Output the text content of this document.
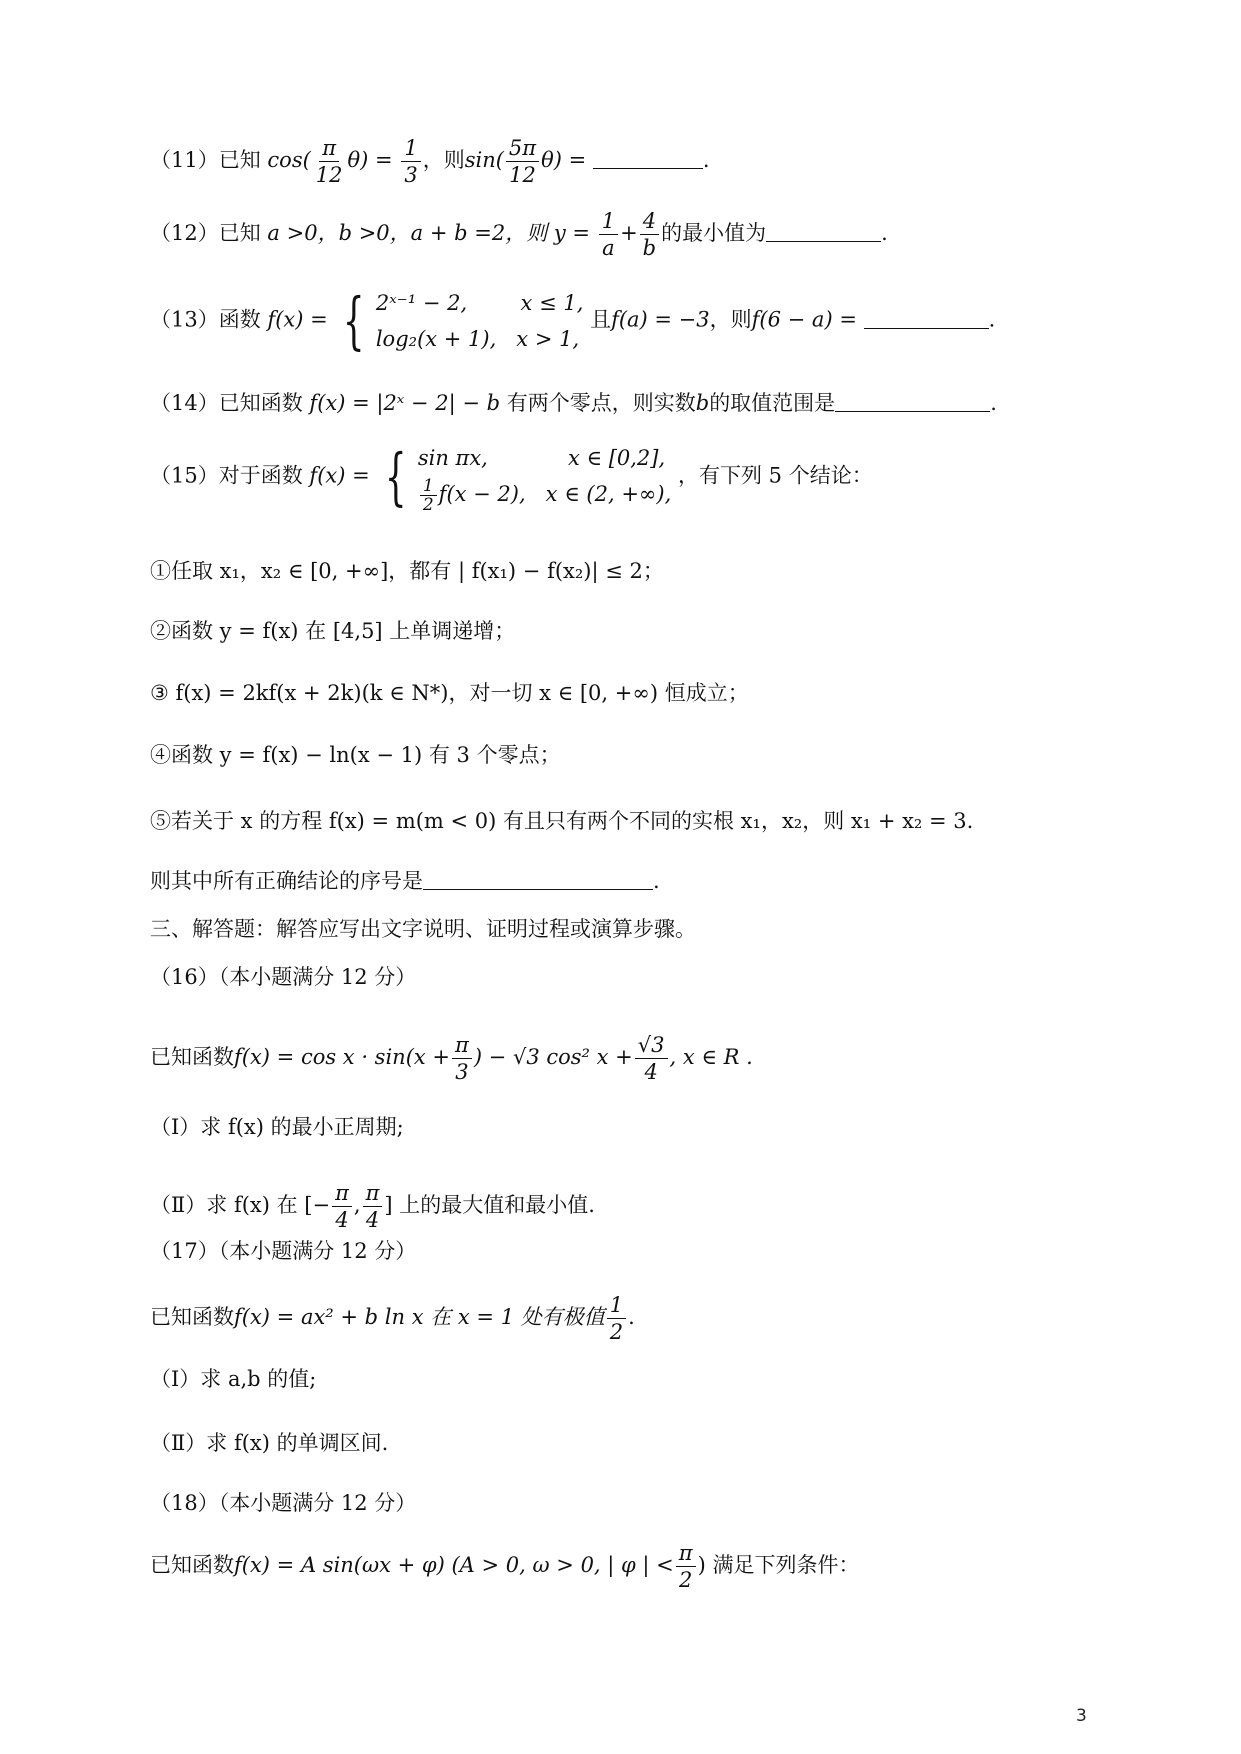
（11）已知 $\cos( \frac{\pi}{12} \theta) = \frac{1}{3}$ ，则$\sin( \frac{5\pi}{12} \theta)$ =	.
（12）已知 a >0，b >0，a + b =2，则 $y = \frac{1}{a} + \frac{4}{b}$ 的最小值为	.
（13）函数 f(x) = { 2ˣ⁻¹ − 2,        x ≤ 1,
log₂(x + 1),   x > 1,
且f(a) = −3，则f(6 − a) =	.
（14）已知函数 f(x) = |2ˣ − 2| − b 有两个零点，则实数b的取值范围是	.
（15）对于函数 f(x) = { sin πx,            x ∈ [0,2],
$\frac{1}{2} f(x - 2)$,   x ∈ (2, +∞),
，有下列 5 个结论：
①任取 x₁，x₂ ∈ [0, +∞]，都有 | f(x₁) − f(x₂)| ≤ 2；
②函数 y = f(x) 在 [4,5] 上单调递增；
③ f(x) = 2kf(x + 2k)(k ∈ N*)，对一切 x ∈ [0, +∞) 恒成立；
④函数 y = f(x) − ln(x − 1) 有 3 个零点；
⑤若关于 x 的方程 f(x) = m(m < 0) 有且只有两个不同的实根 x₁，x₂，则 x₁ + x₂ = 3.
则其中所有正确结论的序号是	.
三、解答题：解答应写出文字说明、证明过程或演算步骤。
（16）（本小题满分 12 分）
已知函数$f(x) = \cos x \cdot \sin(x + \frac{\pi}{3}$ ) − √3 cos² $x + \frac{√3}{4}$ , x ∈ R .
（Ⅰ）求 f(x) 的最小正周期;
（Ⅱ）求 f(x) 在 [− $\frac{\pi}{4}$ , $\frac{\pi}{4}$ ] 上的最大值和最小值.
（17）（本小题满分 12 分）
已知函数f(x) = ax² + b ln x 在 x = 1 处有极值 $\frac{1}{2}$ .
（Ⅰ）求 a,b 的值;
（Ⅱ）求 f(x) 的单调区间.
（18）（本小题满分 12 分）
已知函数f(x) = A sin(ωx + φ) (A > 0, ω > 0, | φ | < $\frac{\pi}{2}$ ) 满足下列条件：
3
